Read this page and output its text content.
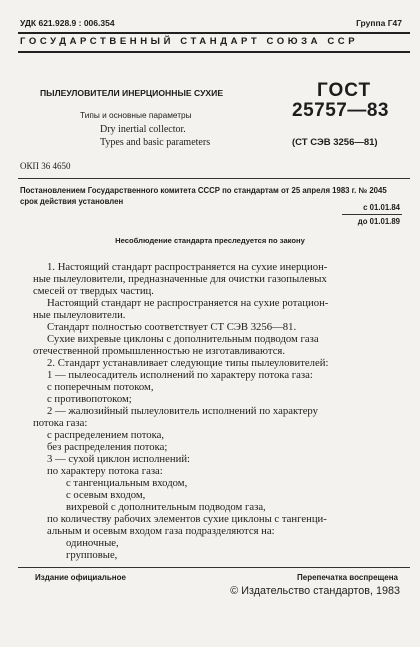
УДК 621.928.9 : 006.354	Группа Г47
ГОСУДАРСТВЕННЫЙ СТАНДАРТ СОЮЗА ССР
ПЫЛЕУЛОВИТЕЛИ ИНЕРЦИОННЫЕ СУХИЕ
Типы и основные параметры
Dry inertial collector.
Types and basic parameters
ГОСТ
25757—83
(СТ СЭВ 3256—81)
ОКП 36 4650
Постановлением Государственного комитета СССР по стандартам от 25 апреля 1983 г. № 2045 срок действия установлен
с 01.01.84
до 01.01.89
Несоблюдение стандарта преследуется по закону
1. Настоящий стандарт распространяется на сухие инерцион-
ные пылеуловители, предназначенные для очистки газопылевых
смесей от твердых частиц.
Настоящий стандарт не распространяется на сухие ротацион-
ные пылеуловители.
Стандарт полностью соответствует СТ СЭВ 3256—81.
Сухие вихревые циклоны с дополнительным подводом газа
отечественной промышленностью не изготавливаются.
2. Стандарт устанавливает следующие типы пылеуловителей:
1 — пылеосадитель исполнений по характеру потока газа:
с поперечным потоком,
с противопотоком;
2 — жалюзийный пылеуловитель исполнений по характеру
потока газа:
с распределением потока,
без распределения потока;
3 — сухой циклон исполнений:
по характеру потока газа:
с тангенциальным входом,
с осевым входом,
вихревой с дополнительным подводом газа,
по количеству рабочих элементов сухие циклоны с тангенци-
альным и осевым входом газа подразделяются на:
одиночные,
групповые,
Издание официальное	Перепечатка воспрещена
© Издательство стандартов, 1983
